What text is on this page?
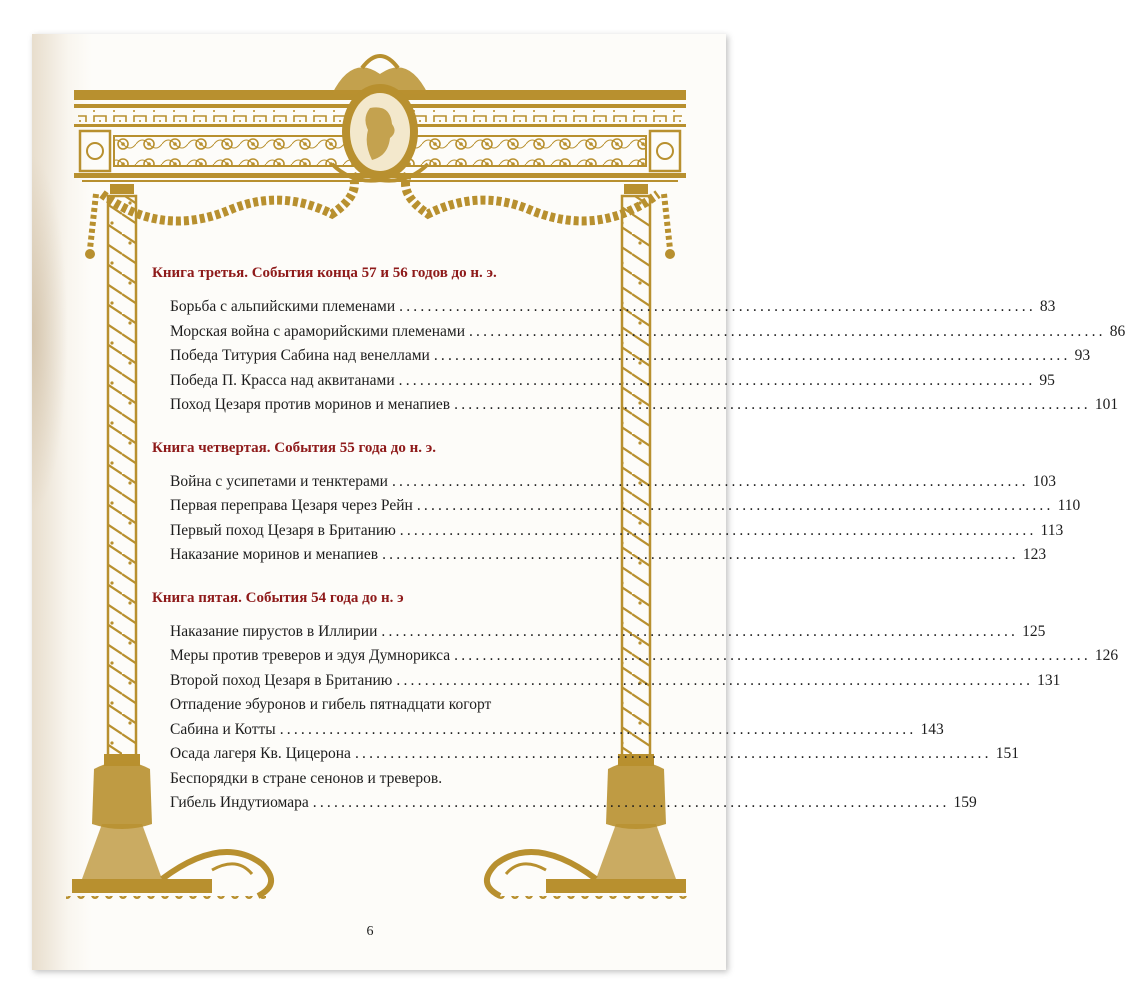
Книга третья. События конца 57 и 56 годов до н. э.
Борьба с альпийскими племенами .......................................................................................... 83
Морская война с араморийскими племенами .......................................................................................... 86
Победа Титурия Сабина над венеллами .......................................................................................... 93
Победа П. Красса над аквитанами .......................................................................................... 95
Поход Цезаря против моринов и менапиев .......................................................................................... 101
Книга четвертая. События 55 года до н. э.
Война с усипетами и тенктерами .......................................................................................... 103
Первая переправа Цезаря через Рейн .......................................................................................... 110
Первый поход Цезаря в Британию .......................................................................................... 113
Наказание моринов и менапиев .......................................................................................... 123
Книга пятая. События 54 года до н. э
Наказание пирустов в Иллирии .......................................................................................... 125
Меры против треверов и эдуя Думнорикса .......................................................................................... 126
Второй поход Цезаря в Британию .......................................................................................... 131
Отпадение эбуронов и гибель пятнадцати когорт
Сабина и Котты .......................................................................................... 143
Осада лагеря Кв. Цицерона .......................................................................................... 151
Беспорядки в стране сенонов и треверов.
Гибель Индутиомара .......................................................................................... 159
6
